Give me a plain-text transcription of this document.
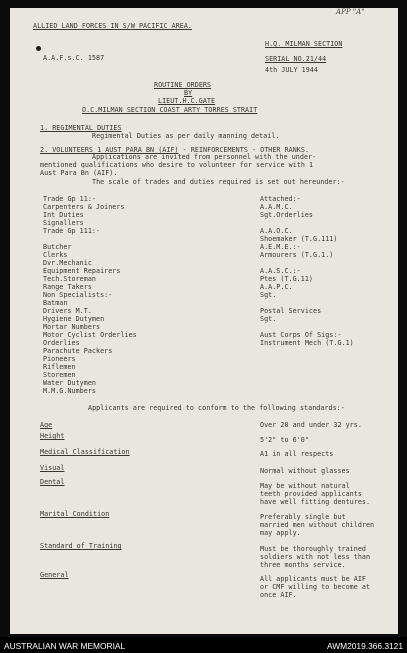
ALLIED LAND FORCES IN S/W PACIFIC AREA.
APP "A"
A.A.F.s.C. 1587
H.Q. MILMAN SECTION
SERIAL NO.21/44
4th JULY 1944
ROUTINE ORDERS
BY
LIEUT.H.C.GATE
O.C.MILMAN SECTION COAST ARTY TORRES STRAIT
1. REGIMENTAL DUTIES
Regimental Duties as per daily manning detail.
2. VOLUNTEERS 1 AUST PARA BN (AIF) - REINFORCEMENTS - OTHER RANKS.
Applications are invited from personnel with the under-
mentioned qualifications who desire to volunteer for service with 1
Aust Para Bn (AIF).
The scale of trades and duties required is set out hereunder:-
Trade Gp 11:-
Carpenters & Joiners
Int Duties
Signallers
Trade Gp 111:-
Butcher
Clerks
Dvr.Mechanic
Equipment Repairers
Tech.Storeman
Range Takers
Non Specialists:-
Batman
Drivers M.T.
Hygiene Dutymen
Mortar Numbers
Motor Cyclist Orderlies
Orderlies
Parachute Packers
Pioneers
Riflemen
Storemen
Water Dutymen
M.M.G.Numbers
Attached:-
A.A.M.C.
Sgt.Orderlies
A.A.O.C.
Shoemaker (T.G.111)
A.E.M.E.:-
Armourers (T.G.1.)
A.A.S.C.:-
Ptes (T.G.11)
A.A.P.C.
Sgt.
Postal Services
Sgt.
Aust Corps Of Sigs:-
Instrument Mech (T.G.1)
Applicants are required to conform to the following standards:-
Age	Over 20 and under 32 yrs.
Height	5'2" to 6'0"
Medical Classification	A1 in all respects
Visual	Normal without glasses
Dental	May be without natural
teeth provided applicants
have well fitting dentures.
Marital Condition	Preferably single but
married men without children
may apply.
Standard of Training	Must be thoroughly trained
soldiers with not less than
three months service.
General	All applicants must be AIF
or CMF willing to become at
once AIF.
AUSTRALIAN WAR MEMORIAL	AWM2019.366.3121
